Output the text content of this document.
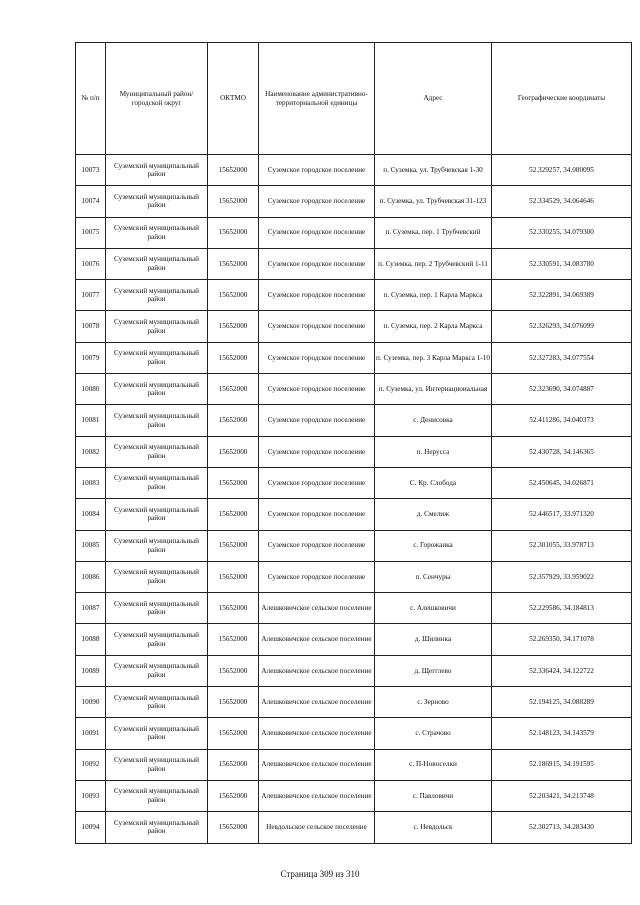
№ п/п	Муниципальный район/городской округ	ОКТМО	Наименование административно-территориальной единицы	Адрес	Географические координаты
10073	Суземский муниципальный район	15652000	Суземское городское поселение	п. Суземка, ул. Трубчевская 1-30	52.329257, 34.080095
10074	Суземский муниципальный район	15652000	Суземское городское поселение	п. Суземка, ул. Трубчевская 31-123	52.334529, 34.064646
10075	Суземский муниципальный район	15652000	Суземское городское поселение	п. Суземка, пер. 1 Трубчевский	52.330255, 34.079300
10076	Суземский муниципальный район	15652000	Суземское городское поселение	п. Суземка, пер. 2 Трубчевский 1-11	52.330591, 34.083780
10077	Суземский муниципальный район	15652000	Суземское городское поселение	п. Суземка, пер. 1 Карла Маркса	52.322891, 34.069389
10078	Суземский муниципальный район	15652000	Суземское городское поселение	п. Суземка, пер. 2 Карла Маркса	52.326293, 34.076099
10079	Суземский муниципальный район	15652000	Суземское городское поселение	п. Суземка, пер. 3 Карла Маркса 1-10	52.327283, 34.077554
10080	Суземский муниципальный район	15652000	Суземское городское поселение	п. Суземка, ул. Интернациональная	52.323690, 34.074887
10081	Суземский муниципальный район	15652000	Суземское городское поселение	с. Денисовка	52.411286, 34.040373
10082	Суземский муниципальный район	15652000	Суземское городское поселение	п. Нерусса	52.430728, 34.146365
10083	Суземский муниципальный район	15652000	Суземское городское поселение	С. Кр. Слобода	52.450645, 34.026871
10084	Суземский муниципальный район	15652000	Суземское городское поселение	д. Смелиж	52.446517, 33.971320
10085	Суземский муниципальный район	15652000	Суземское городское поселение	с. Горожанка	52.301055, 33.978713
10086	Суземский муниципальный район	15652000	Суземское городское поселение	п. Сенчуры	52.357929, 33.959022
10087	Суземский муниципальный район	15652000	Алешковичское сельское поселение	с. Алешковичи	52.229586, 34.184813
10088	Суземский муниципальный район	15652000	Алешковичское сельское поселение	д. Шилинка	52.269350, 34.171078
10089	Суземский муниципальный район	15652000	Алешковичское сельское поселение	д. Щегглево	52.336424, 34.122722
10090	Суземский муниципальный район	15652000	Алешковичское сельское поселение	с. Зерново	52.194125, 34.088289
10091	Суземский муниципальный район	15652000	Алешковичское сельское поселение	с. Страчово	52.148123, 34.143579
10092	Суземский муниципальный район	15652000	Алешковичское сельское поселение	с. П-Новоселки	52.186915, 34.191595
10093	Суземский муниципальный район	15652000	Алешковичское сельское поселение	с. Павловичи	52.203421, 34.213748
10094	Суземский муниципальный район	15652000	Невдольское сельское поселение	с. Невдольск	52.302713, 34.283430
Страница 309 из 310
